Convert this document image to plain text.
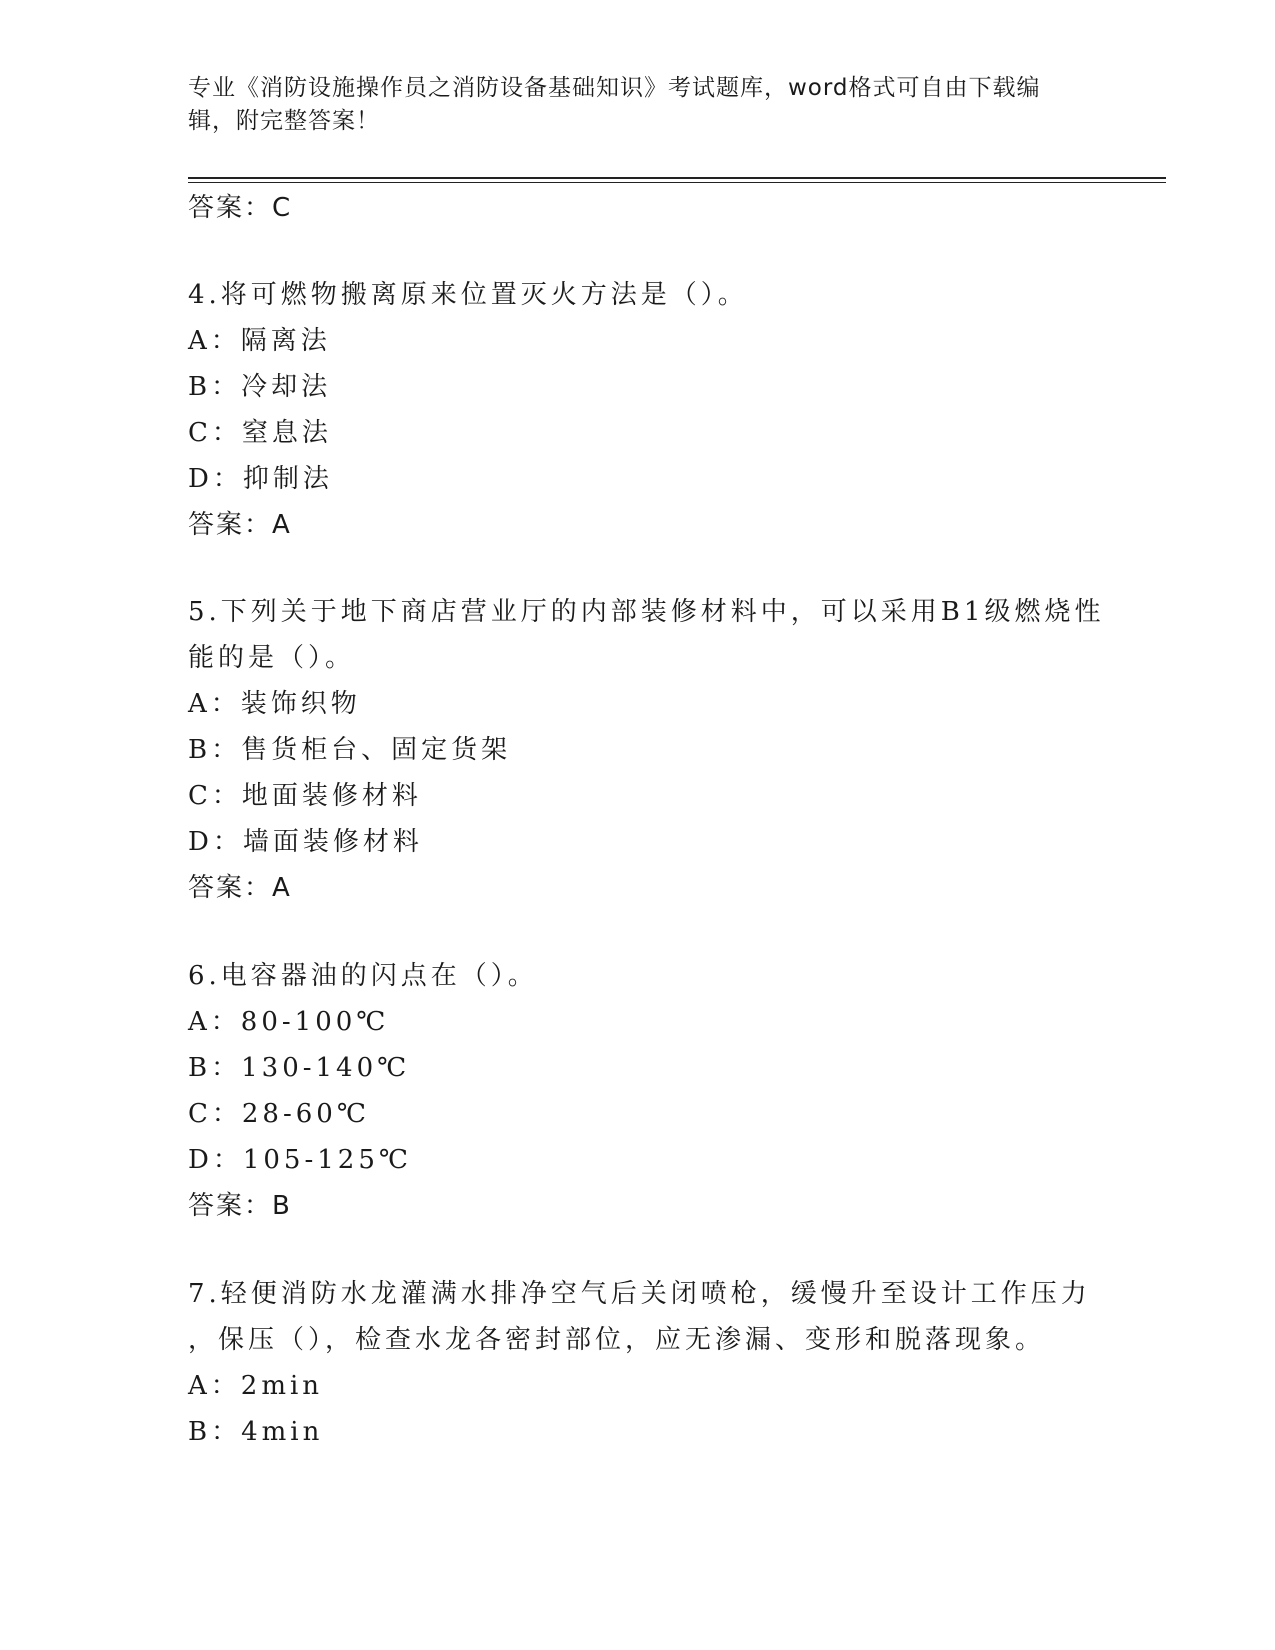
专业《消防设施操作员之消防设备基础知识》考试题库，word格式可自由下载编
辑，附完整答案！
答案：C
4.将可燃物搬离原来位置灭火方法是（）。
A：隔离法
B：冷却法
C：窒息法
D：抑制法
答案：A
5.下列关于地下商店营业厅的内部装修材料中，可以采用B1级燃烧性
能的是（）。
A：装饰织物
B：售货柜台、固定货架
C：地面装修材料
D：墙面装修材料
答案：A
6.电容器油的闪点在（）。
A：80-100℃
B：130-140℃
C：28-60℃
D：105-125℃
答案：B
7.轻便消防水龙灌满水排净空气后关闭喷枪，缓慢升至设计工作压力
，保压（），检查水龙各密封部位，应无渗漏、变形和脱落现象。
A：2min
B：4min
